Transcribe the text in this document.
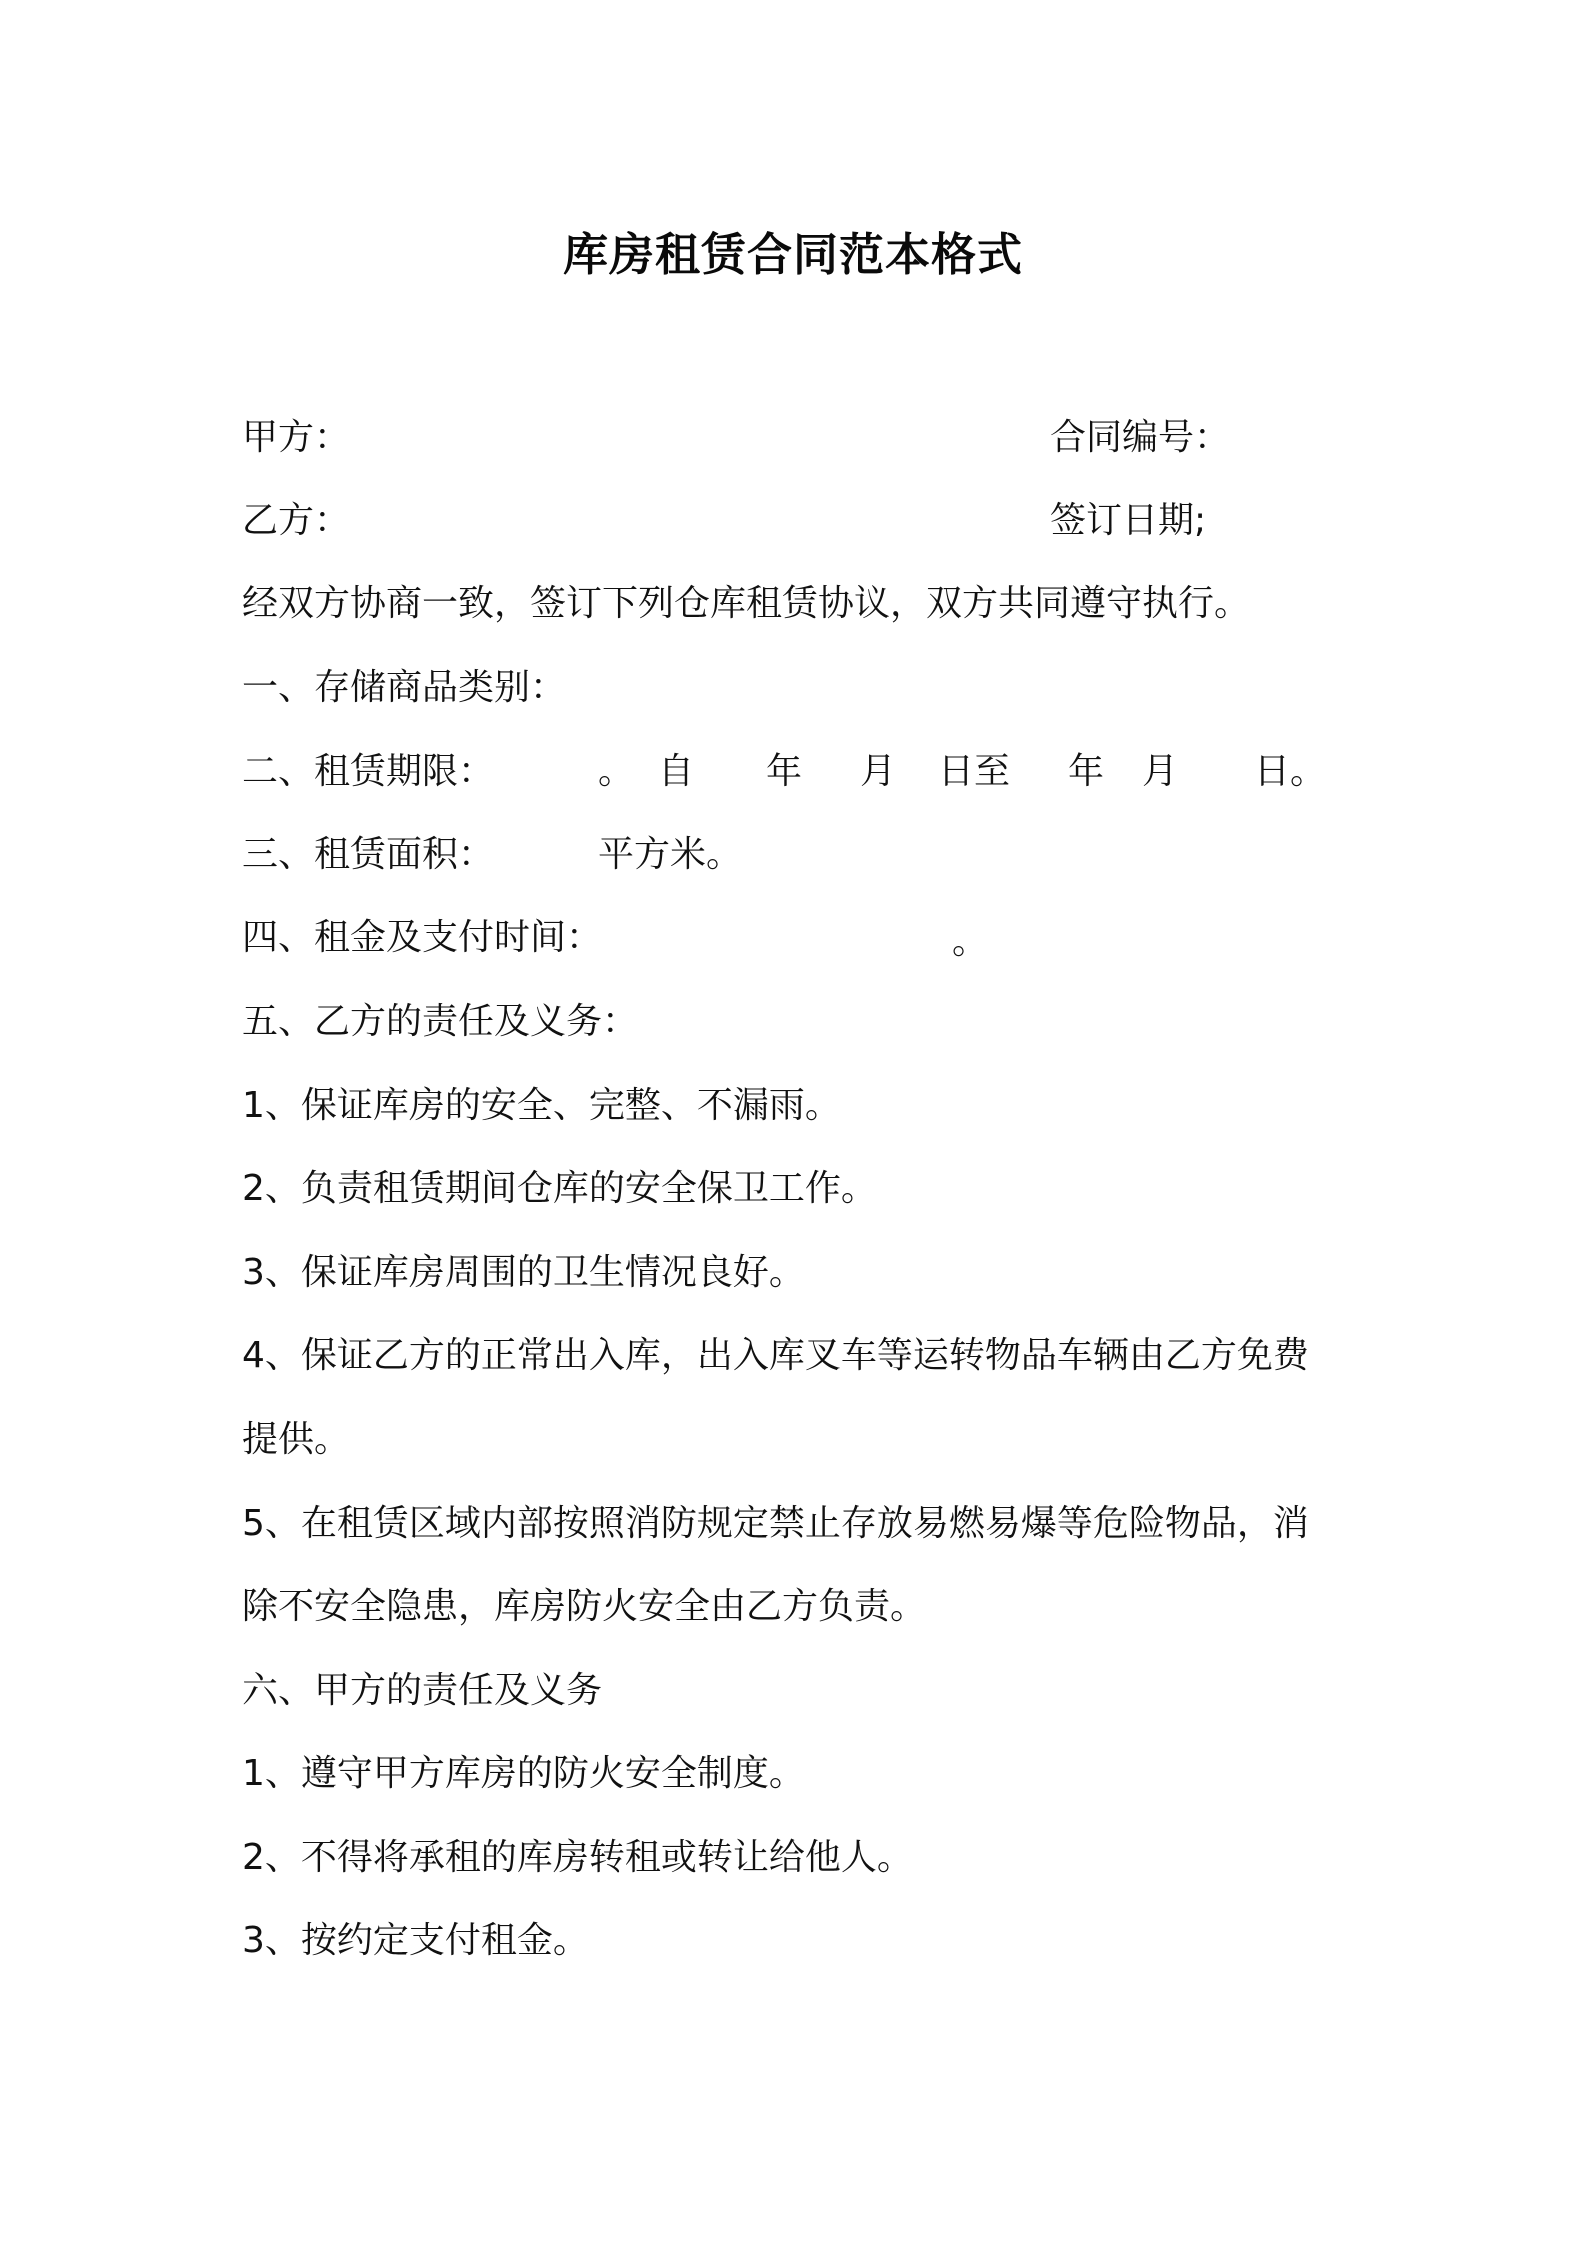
库房租赁合同范本格式
甲方：	合同编号：
乙方：	签订日期;
经双方协商一致，签订下列仓库租赁协议，双方共同遵守执行。
一、存储商品类别：
二、租赁期限：	。 自 年 月 日至 年 月 日。
三、租赁面积：	平方米。
四、租金及支付时间：	。
五、乙方的责任及义务：
1、保证库房的安全、完整、不漏雨。
2、负责租赁期间仓库的安全保卫工作。
3、保证库房周围的卫生情况良好。
4、保证乙方的正常出入库，出入库叉车等运转物品车辆由乙方免费
提供。
5、在租赁区域内部按照消防规定禁止存放易燃易爆等危险物品，消
除不安全隐患，库房防火安全由乙方负责。
六、甲方的责任及义务
1、遵守甲方库房的防火安全制度。
2、不得将承租的库房转租或转让给他人。
3、按约定支付租金。
